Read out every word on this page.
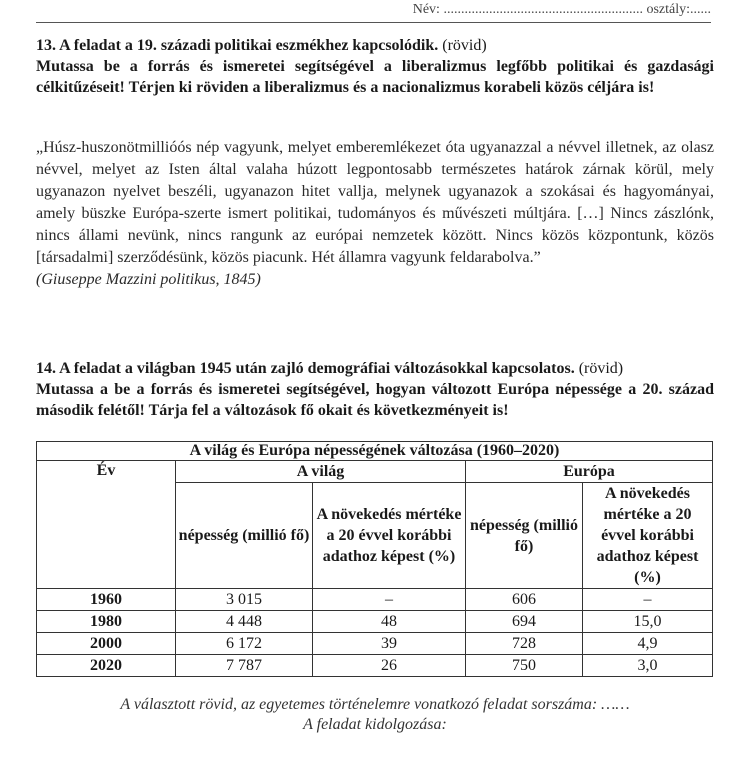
Név: ......................................................... osztály:......
13. A feladat a 19. századi politikai eszmékhez kapcsolódik. (rövid)
Mutassa be a forrás és ismeretei segítségével a liberalizmus legfőbb politikai és gazdasági célkitűzéseit! Térjen ki röviden a liberalizmus és a nacionalizmus korabeli közös céljára is!
„Húsz-huszonötmillióós nép vagyunk, melyet emberemlékezet óta ugyanazzal a névvel illetnek, az olasz névvel, melyet az Isten által valaha húzott legpontosabb természetes határok zárnak körül, mely ugyanazon nyelvet beszéli, ugyanazon hitet vallja, melynek ugyanazok a szokásai és hagyományai, amely büszke Európa-szerte ismert politikai, tudományos és művészeti múltjára. […] Nincs zászlónk, nincs állami nevünk, nincs rangunk az európai nemzetek között. Nincs közös központunk, közös [társadalmi] szerződésünk, közös piacunk. Hét államra vagyunk feldarabolva.”
(Giuseppe Mazzini politikus, 1845)
14. A feladat a világban 1945 után zajló demográfiai változásokkal kapcsolatos. (rövid)
Mutassa a be a forrás és ismeretei segítségével, hogyan változott Európa népessége a 20. század második felétől! Tárja fel a változások fő okait és következményeit is!
A világ és Európa népességének változása (1960–2020)				
Év	A világ		Európa	
	népesség (millió fő)	A növekedés mértéke a 20 évvel korábbi adathoz képest (%)	népesség (millió fő)	A növekedés mértéke a 20 évvel korábbi adathoz képest (%)
1960	3 015	–	606	–
1980	4 448	48	694	15,0
2000	6 172	39	728	4,9
2020	7 787	26	750	3,0
A választott rövid, az egyetemes történelemre vonatkozó feladat sorszáma: ……
A feladat kidolgozása:
